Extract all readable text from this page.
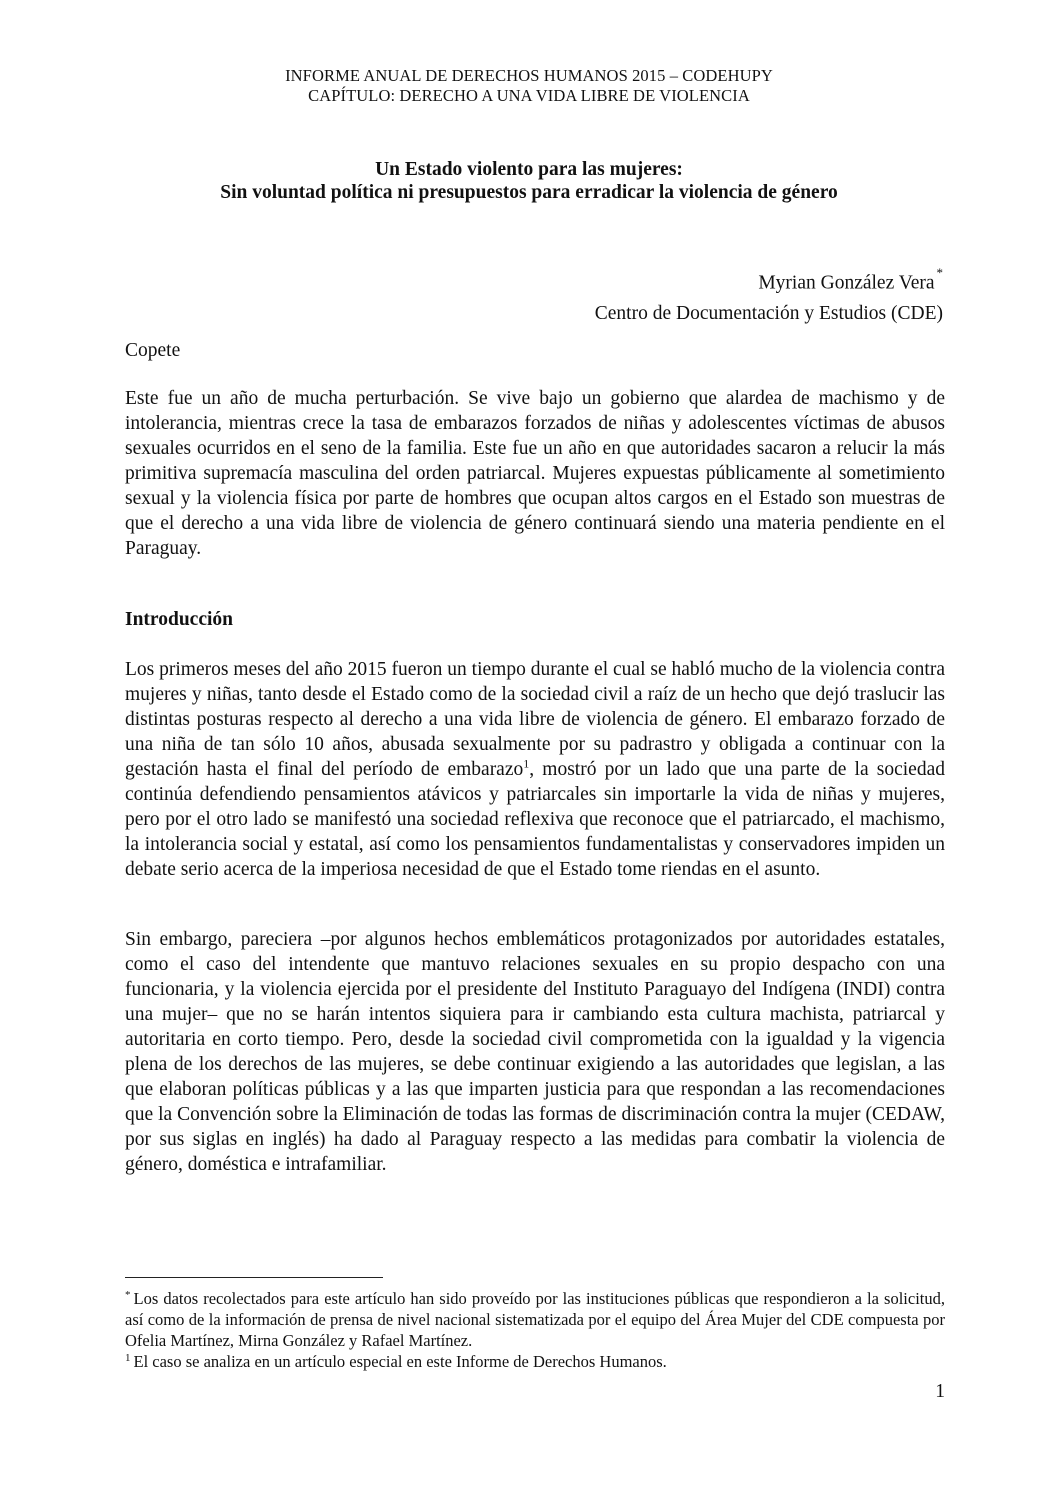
INFORME ANUAL DE DERECHOS HUMANOS 2015 – CODEHUPY
CAPÍTULO: DERECHO A UNA VIDA LIBRE DE VIOLENCIA
Un Estado violento para las mujeres:
Sin voluntad política ni presupuestos para erradicar la violencia de género
Myrian González Vera *
Centro de Documentación y Estudios (CDE)

Copete

Este fue un año de mucha perturbación. Se vive bajo un gobierno que alardea de machismo y de intolerancia, mientras crece la tasa de embarazos forzados de niñas y adolescentes víctimas de abusos sexuales ocurridos en el seno de la familia. Este fue un año en que autoridades sacaron a relucir la más primitiva supremacía masculina del orden patriarcal. Mujeres expuestas públicamente al sometimiento sexual y la violencia física por parte de hombres que ocupan altos cargos en el Estado son muestras de que el derecho a una vida libre de violencia de género continuará siendo una materia pendiente en el Paraguay.

Introducción

Los primeros meses del año 2015 fueron un tiempo durante el cual se habló mucho de la violencia contra mujeres y niñas, tanto desde el Estado como de la sociedad civil a raíz de un hecho que dejó traslucir las distintas posturas respecto al derecho a una vida libre de violencia de género. El embarazo forzado de una niña de tan sólo 10 años, abusada sexualmente por su padrastro y obligada a continuar con la gestación hasta el final del período de embarazo$^1$, mostró por un lado que una parte de la sociedad continúa defendiendo pensamientos atávicos y patriarcales sin importarle la vida de niñas y mujeres, pero por el otro lado se manifestó una sociedad reflexiva que reconoce que el patriarcado, el machismo, la intolerancia social y estatal, así como los pensamientos fundamentalistas y conservadores impiden un debate serio acerca de la imperiosa necesidad de que el Estado tome riendas en el asunto.

Sin embargo, pareciera –por algunos hechos emblemáticos protagonizados por autoridades estatales, como el caso del intendente que mantuvo relaciones sexuales en su propio despacho con una funcionaria, y la violencia ejercida por el presidente del Instituto Paraguayo del Indígena (INDI) contra una mujer– que no se harán intentos siquiera para ir cambiando esta cultura machista, patriarcal y autoritaria en corto tiempo. Pero, desde la sociedad civil comprometida con la igualdad y la vigencia plena de los derechos de las mujeres, se debe continuar exigiendo a las autoridades que legislan, a las que elaboran políticas públicas y a las que imparten justicia para que respondan a las recomendaciones que la Convención sobre la Eliminación de todas las formas de discriminación contra la mujer (CEDAW, por sus siglas en inglés) ha dado al Paraguay respecto a las medidas para combatir la violencia de género, doméstica e intrafamiliar.

* Los datos recolectados para este artículo han sido proveído por las instituciones públicas que respondieron a la solicitud, así como de la información de prensa de nivel nacional sistematizada por el equipo del Área Mujer del CDE compuesta por Ofelia Martínez, Mirna González y Rafael Martínez.

$^1$ El caso se analiza en un artículo especial en este Informe de Derechos Humanos.

1
